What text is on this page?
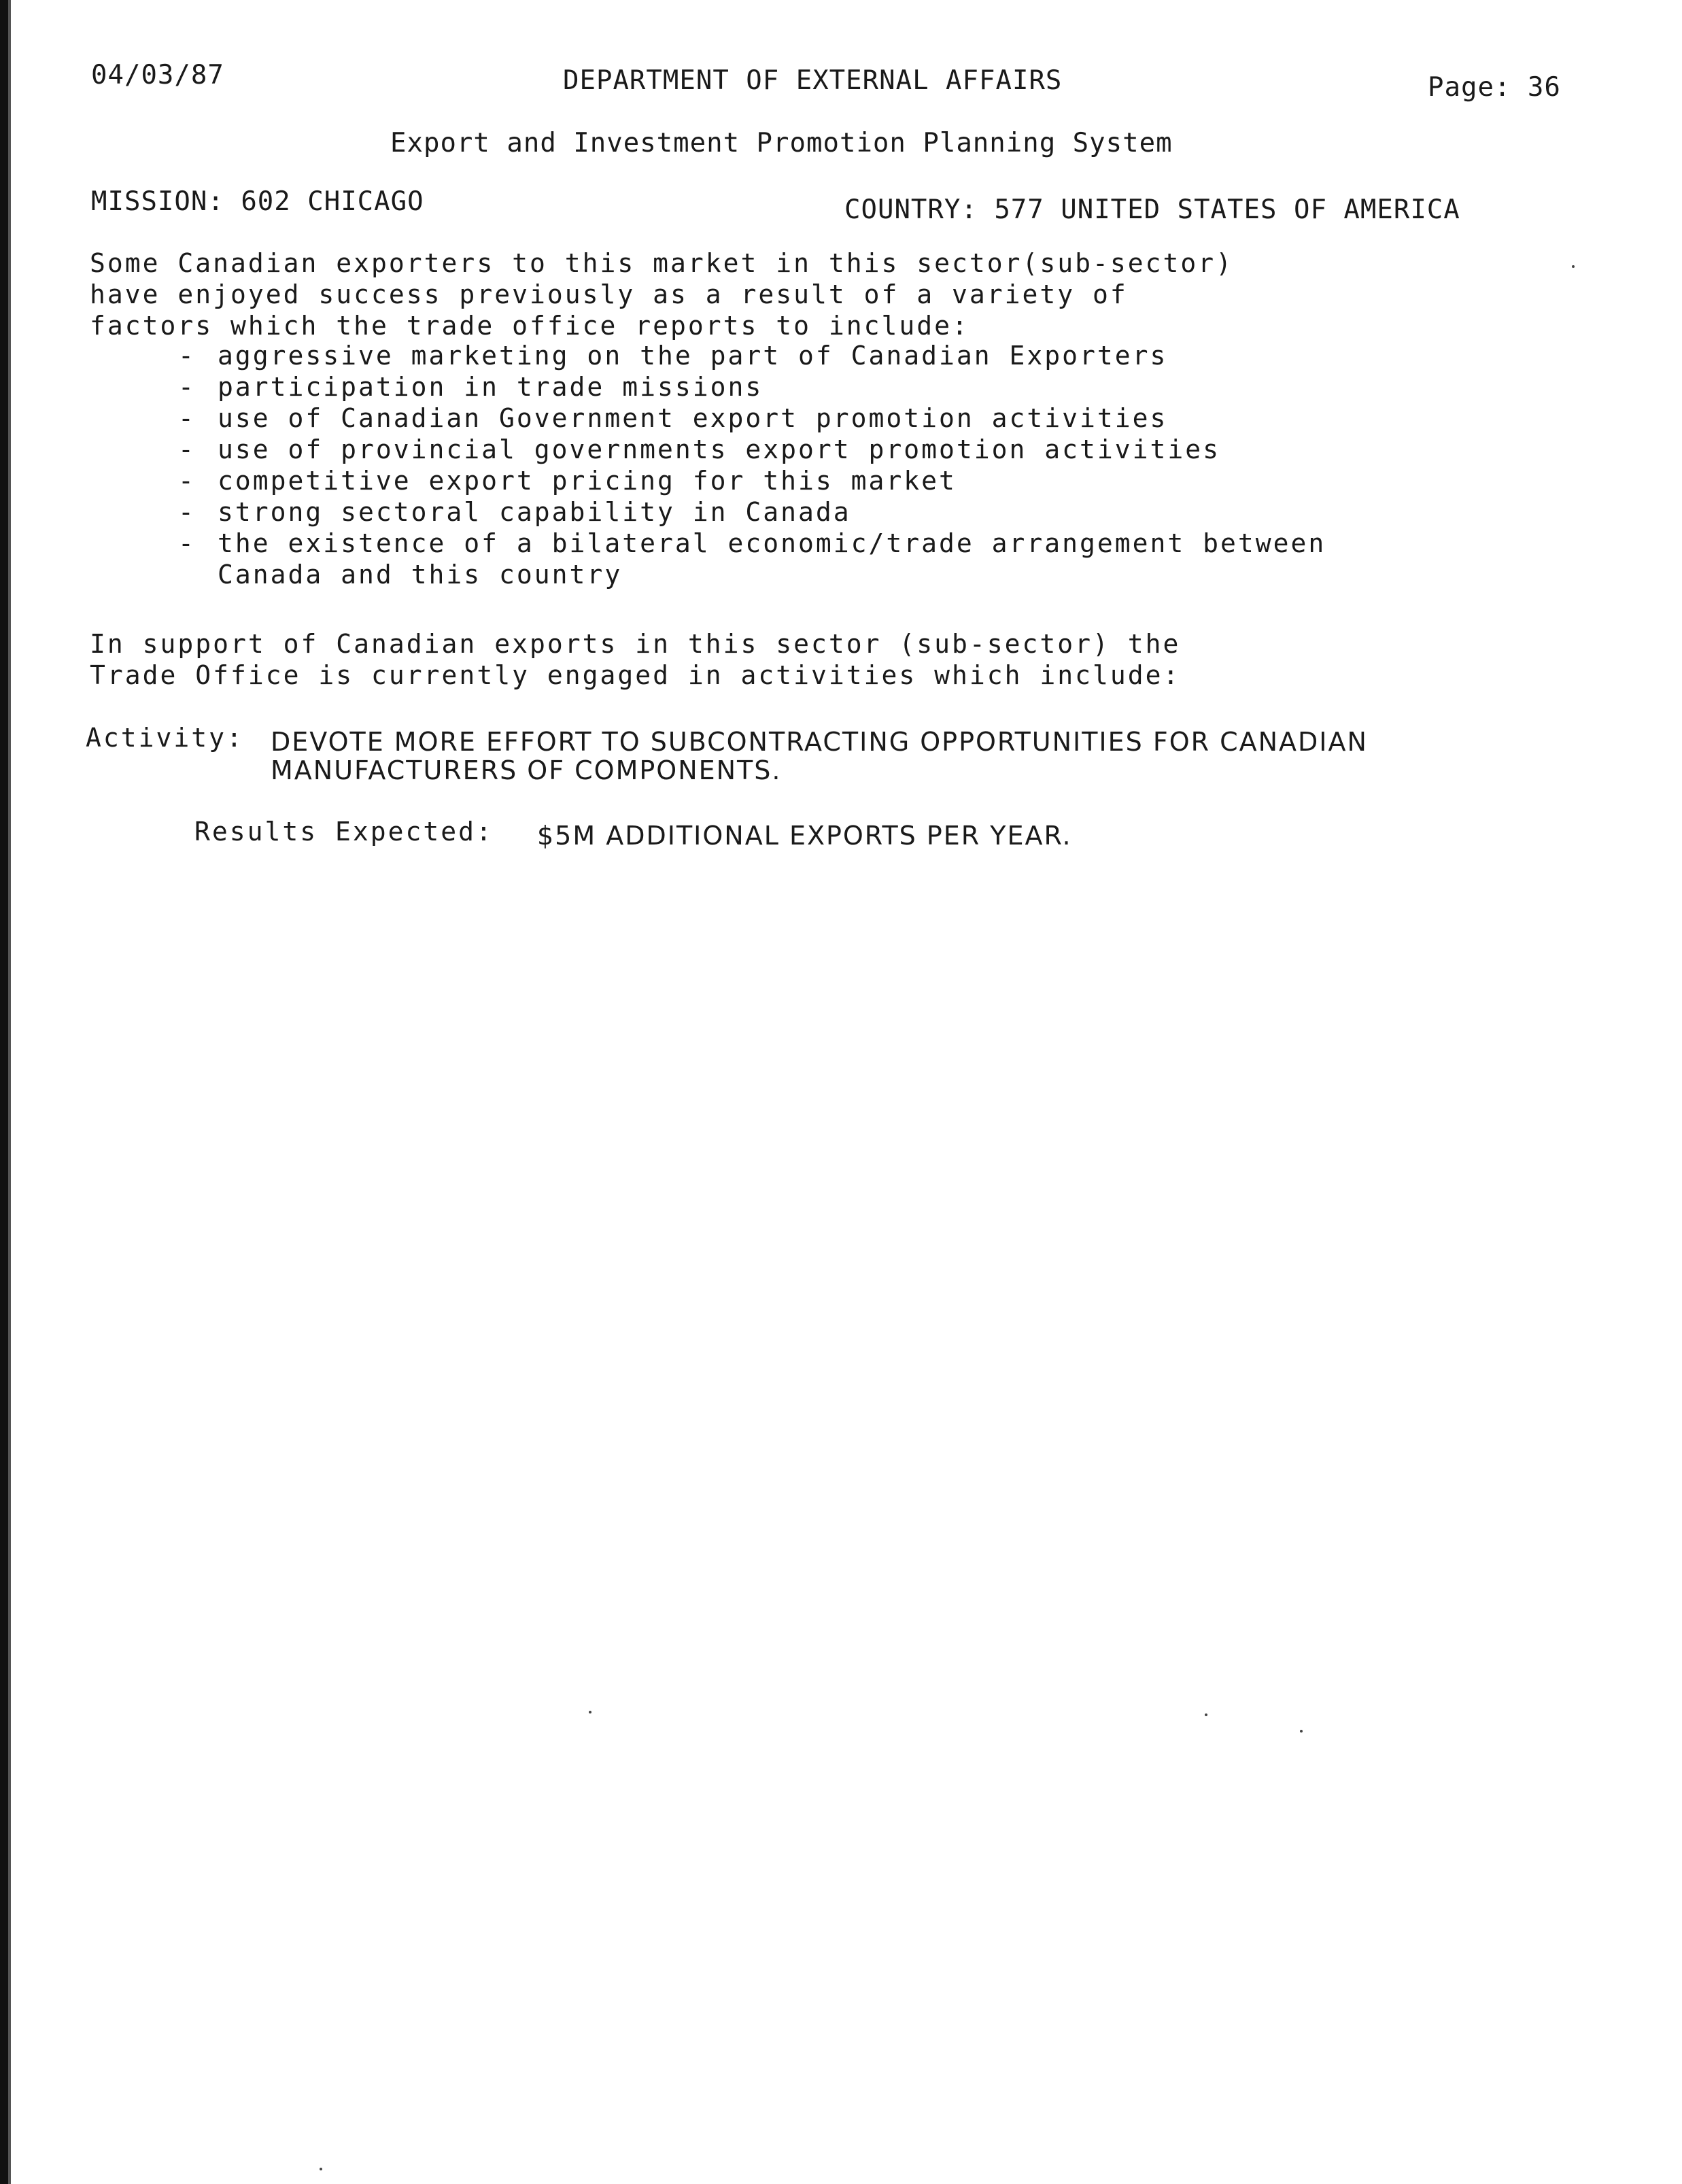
04/03/87	DEPARTMENT OF EXTERNAL AFFAIRS	Page: 36
Export and Investment Promotion Planning System
MISSION: 602 CHICAGO	COUNTRY: 577 UNITED STATES OF AMERICA
Some Canadian exporters to this market in this sector(sub-sector)
have enjoyed success previously as a result of a variety of
factors which the trade office reports to include:
- aggressive marketing on the part of Canadian Exporters
- participation in trade missions
- use of Canadian Government export promotion activities
- use of provincial governments export promotion activities
- competitive export pricing for this market
- strong sectoral capability in Canada
- the existence of a bilateral economic/trade arrangement between
Canada and this country
In support of Canadian exports in this sector (sub-sector) the
Trade Office is currently engaged in activities which include:
Activity: DEVOTE MORE EFFORT TO SUBCONTRACTING OPPORTUNITIES FOR CANADIAN
MANUFACTURERS OF COMPONENTS.
Results Expected: $5M ADDITIONAL EXPORTS PER YEAR.
